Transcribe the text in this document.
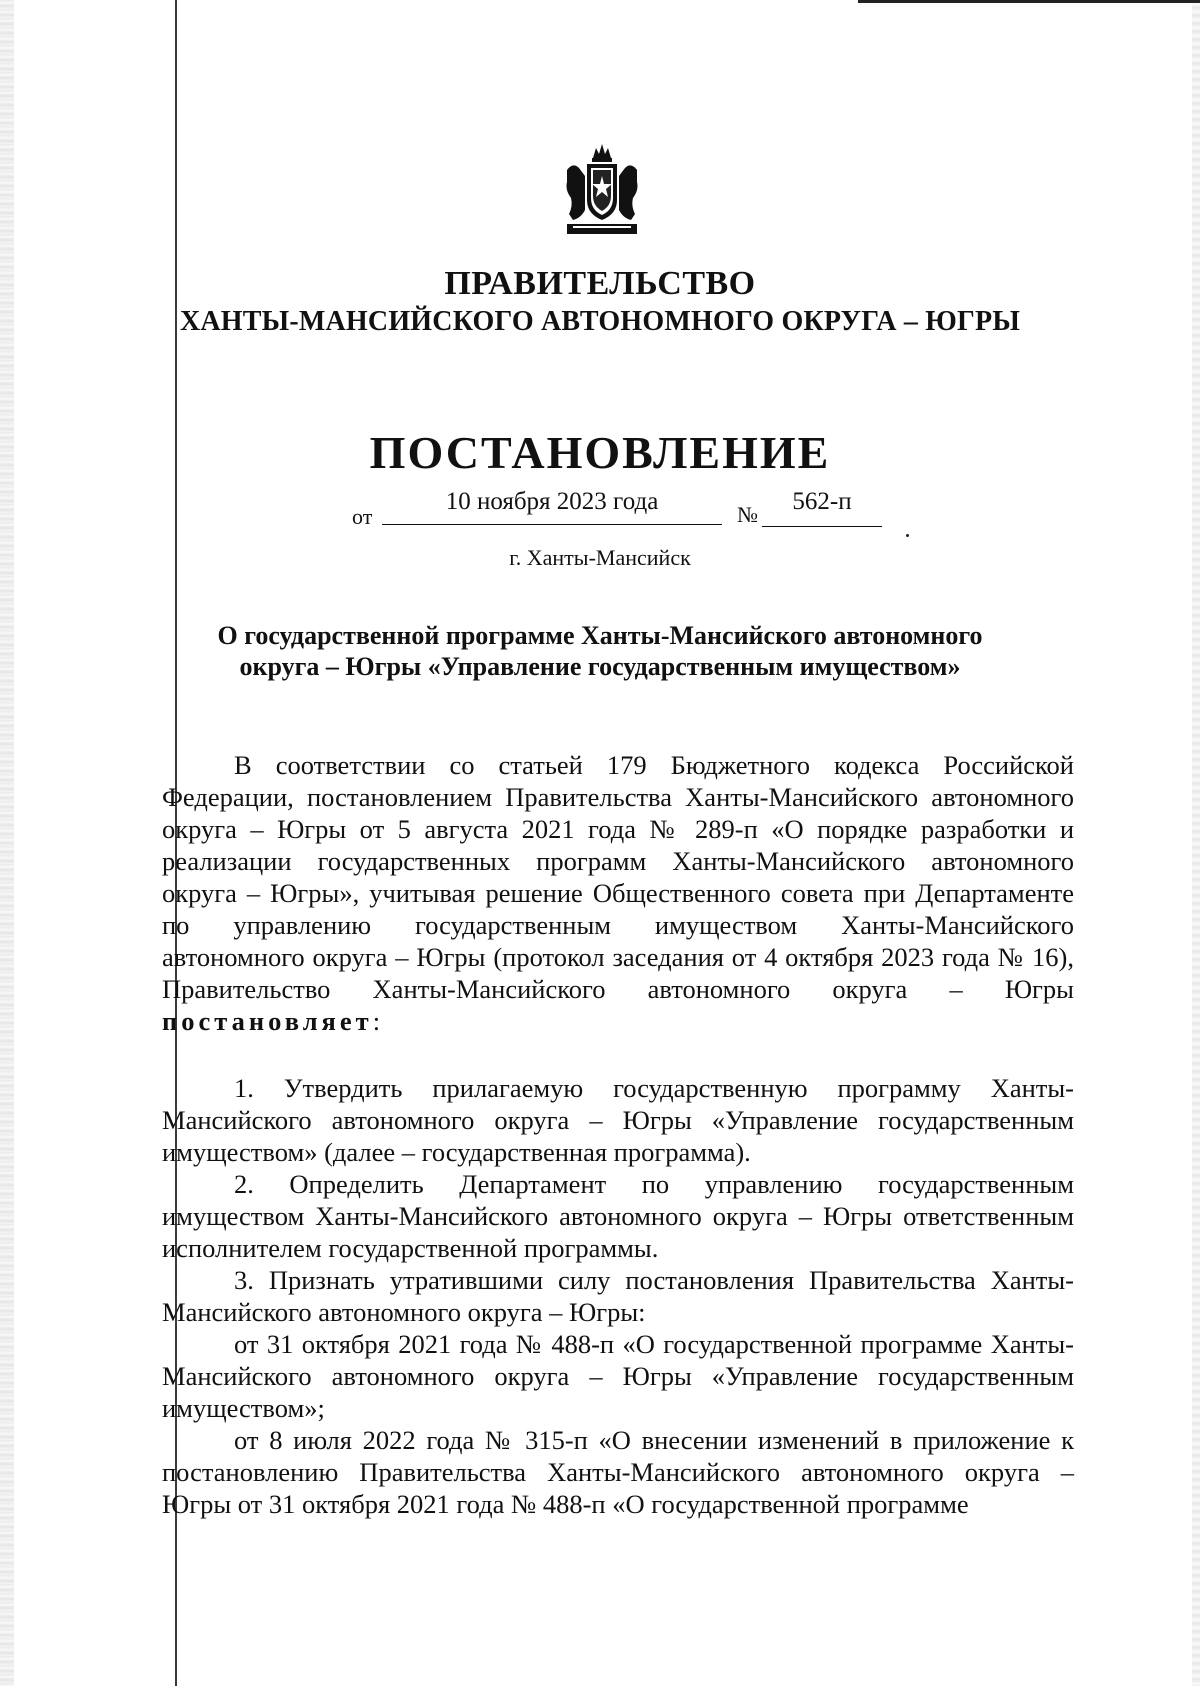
ПРАВИТЕЛЬСТВО
ХАНТЫ-МАНСИЙСКОГО АВТОНОМНОГО ОКРУГА – ЮГРЫ
ПОСТАНОВЛЕНИЕ
от
10 ноября 2023 года	№	562-п
г. Ханты-Мансийск
О государственной программе Ханты-Мансийского автономного
округа – Югры «Управление государственным имуществом»

В соответствии со статьей 179 Бюджетного кодекса Российской Федерации, постановлением Правительства Ханты-Мансийского автономного округа – Югры от 5 августа 2021 года № 289-п «О порядке разработки и реализации государственных программ Ханты-Мансийского автономного округа – Югры», учитывая решение Общественного совета при Департаменте по управлению государственным имуществом Ханты-Мансийского автономного округа – Югры (протокол заседания от 4 октября 2023 года № 16), Правительство Ханты-Мансийского автономного округа – Югры постановляет:

1. Утвердить прилагаемую государственную программу Ханты-Мансийского автономного округа – Югры «Управление государственным имуществом» (далее – государственная программа).

2. Определить Департамент по управлению государственным имуществом Ханты-Мансийского автономного округа – Югры ответственным исполнителем государственной программы.

3. Признать утратившими силу постановления Правительства Ханты-Мансийского автономного округа – Югры:

от 31 октября 2021 года № 488-п «О государственной программе Ханты-Мансийского автономного округа – Югры «Управление государственным имуществом»;

от 8 июля 2022 года № 315-п «О внесении изменений в приложение к постановлению Правительства Ханты-Мансийского автономного округа – Югры от 31 октября 2021 года № 488-п «О государственной программе
